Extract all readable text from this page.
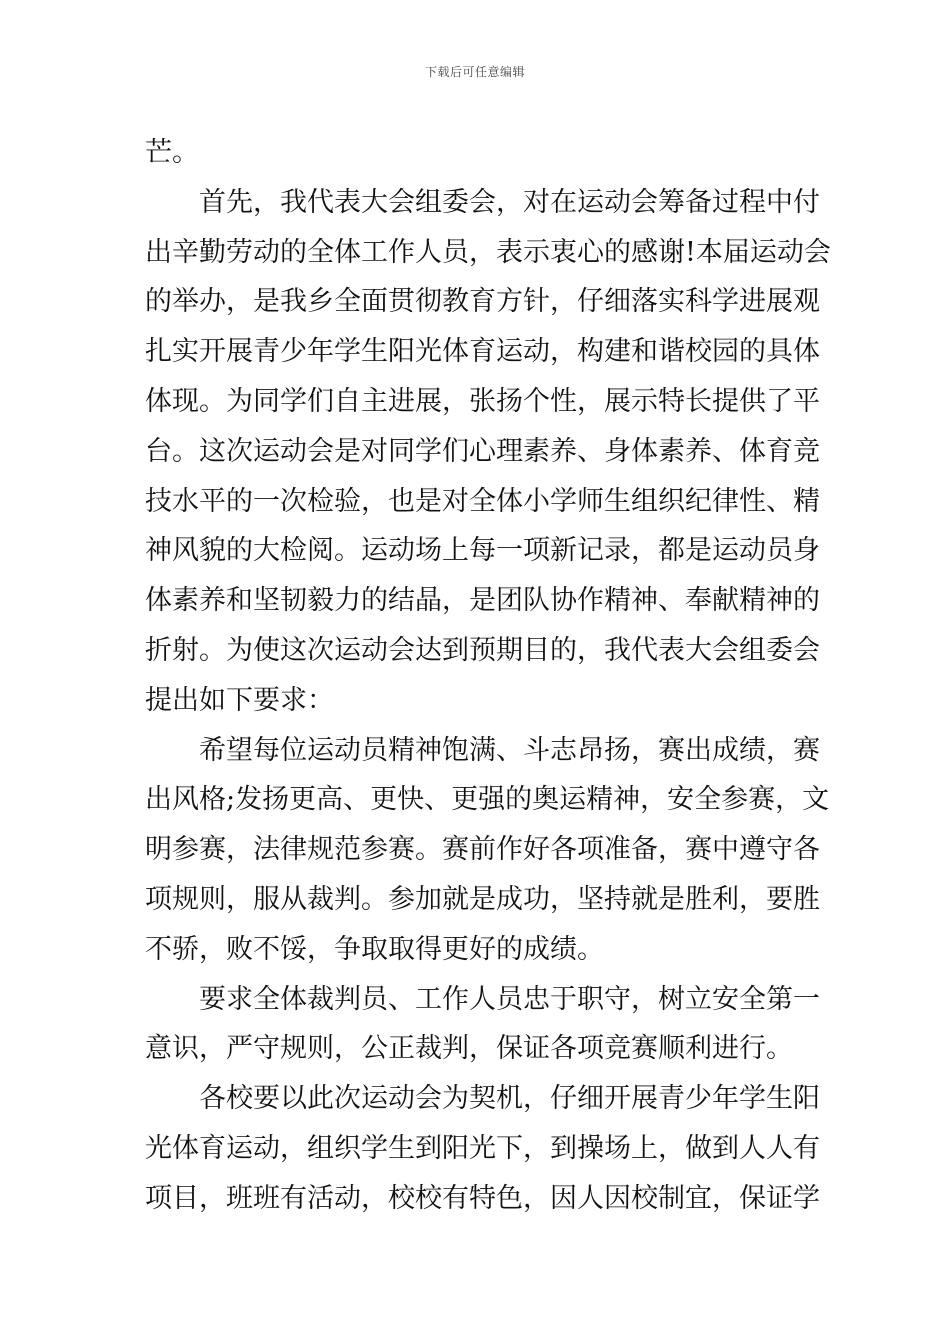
下载后可任意编辑
芒。
首先，我代表大会组委会，对在运动会筹备过程中付
出辛勤劳动的全体工作人员，表示衷心的感谢!本届运动会
的举办，是我乡全面贯彻教育方针，仔细落实科学进展观
扎实开展青少年学生阳光体育运动，构建和谐校园的具体
体现。为同学们自主进展，张扬个性，展示特长提供了平
台。这次运动会是对同学们心理素养、身体素养、体育竞
技水平的一次检验，也是对全体小学师生组织纪律性、精
神风貌的大检阅。运动场上每一项新记录，都是运动员身
体素养和坚韧毅力的结晶，是团队协作精神、奉献精神的
折射。为使这次运动会达到预期目的，我代表大会组委会
提出如下要求：
希望每位运动员精神饱满、斗志昂扬，赛出成绩，赛
出风格;发扬更高、更快、更强的奥运精神，安全参赛，文
明参赛，法律规范参赛。赛前作好各项准备，赛中遵守各
项规则，服从裁判。参加就是成功，坚持就是胜利，要胜
不骄，败不馁，争取取得更好的成绩。
要求全体裁判员、工作人员忠于职守，树立安全第一
意识，严守规则，公正裁判，保证各项竞赛顺利进行。
各校要以此次运动会为契机，仔细开展青少年学生阳
光体育运动，组织学生到阳光下，到操场上，做到人人有
项目，班班有活动，校校有特色，因人因校制宜，保证学
